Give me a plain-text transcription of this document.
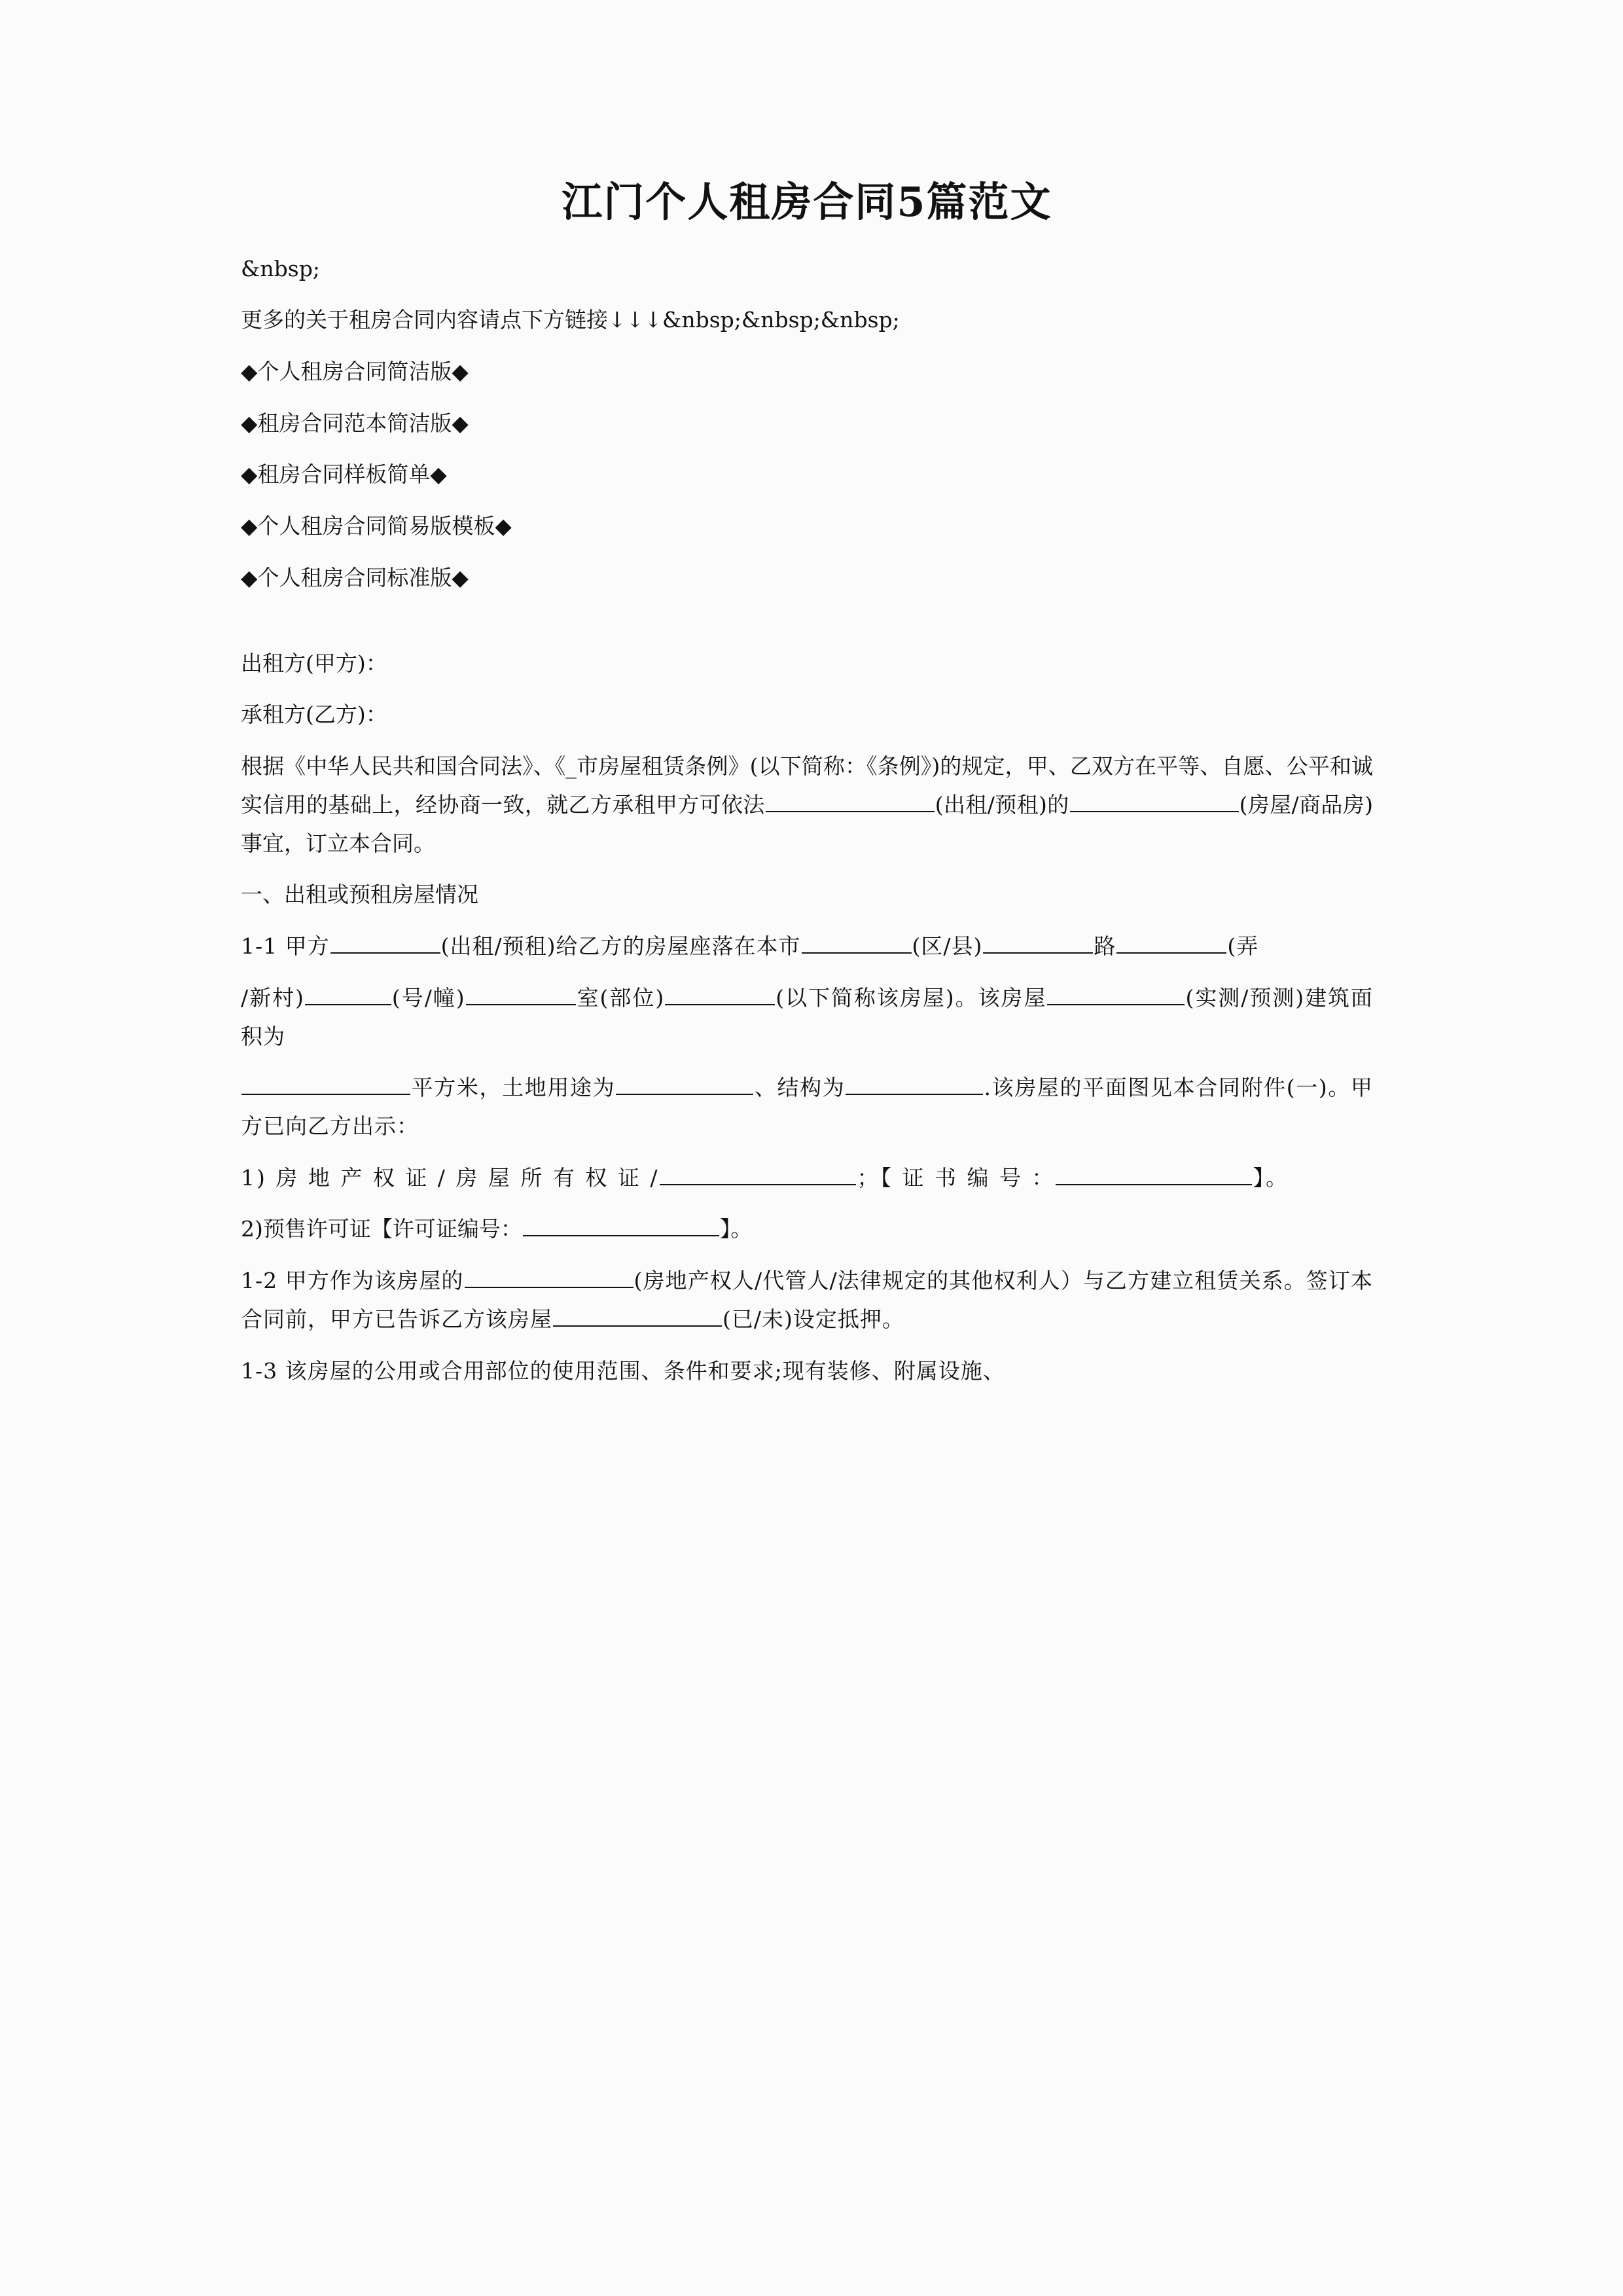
江门个人租房合同5篇范文

&nbsp;

更多的关于租房合同内容请点下方链接↓↓↓&nbsp;&nbsp;&nbsp;

◆个人租房合同简洁版◆

◆租房合同范本简洁版◆

◆租房合同样板简单◆

◆个人租房合同简易版模板◆

◆个人租房合同标准版◆

出租方(甲方)：

承租方(乙方)：

根据《中华人民共和国合同法》、《_市房屋租赁条例》(以下简称：《条例》)的规定，甲、乙双方在平等、自愿、公平和诚实信用的基础上，经协商一致，就乙方承租甲方可依法	(出租/预租)的	(房屋/商品房)事宜，订立本合同。

一、出租或预租房屋情况

1-1 甲方	(出租/预租)给乙方的房屋座落在本市	(区/县)	路	(弄

/新村)	(号/幢)	室(部位)	(以下简称该房屋)。该房屋	(实测/预测)建筑面积为

平方米，土地用途为	、结构为	.该房屋的平面图见本合同附件(一)。甲方已向乙方出示：

1) 房 地 产 权 证 / 房 屋 所 有 权 证 /	；【 证 书 编 号 ：	】。

2)预售许可证【许可证编号：	】。

1-2 甲方作为该房屋的	(房地产权人/代管人/法律规定的其他权利人）与乙方建立租赁关系。签订本合同前，甲方已告诉乙方该房屋	(已/未)设定抵押。

1-3 该房屋的公用或合用部位的使用范围、条件和要求;现有装修、附属设施、
